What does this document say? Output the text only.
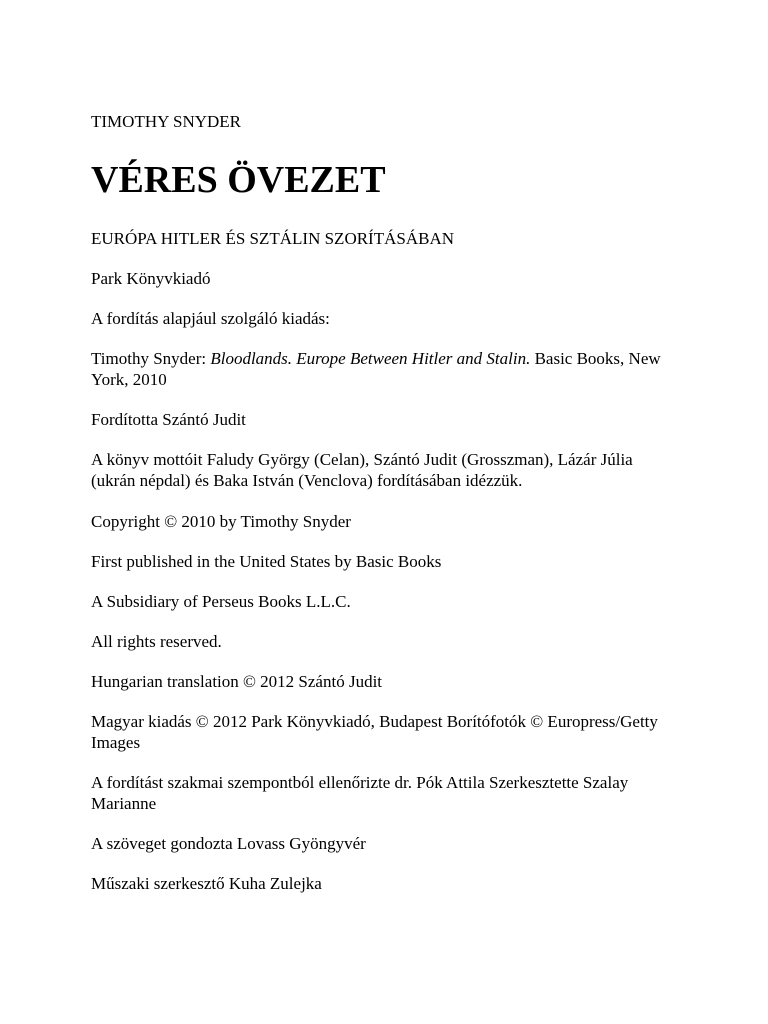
TIMOTHY SNYDER
VÉRES ÖVEZET

EURÓPA HITLER ÉS SZTÁLIN SZORÍTÁSÁBAN

Park Könyvkiadó

A fordítás alapjául szolgáló kiadás:

Timothy Snyder: Bloodlands. Europe Between Hitler and Stalin. Basic Books, New York, 2010

Fordította Szántó Judit

A könyv mottóit Faludy György (Celan), Szántó Judit (Grosszman), Lázár Júlia (ukrán népdal) és Baka István (Venclova) fordításában idézzük.

Copyright © 2010 by Timothy Snyder

First published in the United States by Basic Books

A Subsidiary of Perseus Books L.L.C.

All rights reserved.

Hungarian translation © 2012 Szántó Judit

Magyar kiadás © 2012 Park Könyvkiadó, Budapest Borítófotók © Europress/Getty Images

A fordítást szakmai szempontból ellenőrizte dr. Pók Attila Szerkesztette Szalay Marianne

A szöveget gondozta Lovass Gyöngyvér

Műszaki szerkesztő Kuha Zulejka
